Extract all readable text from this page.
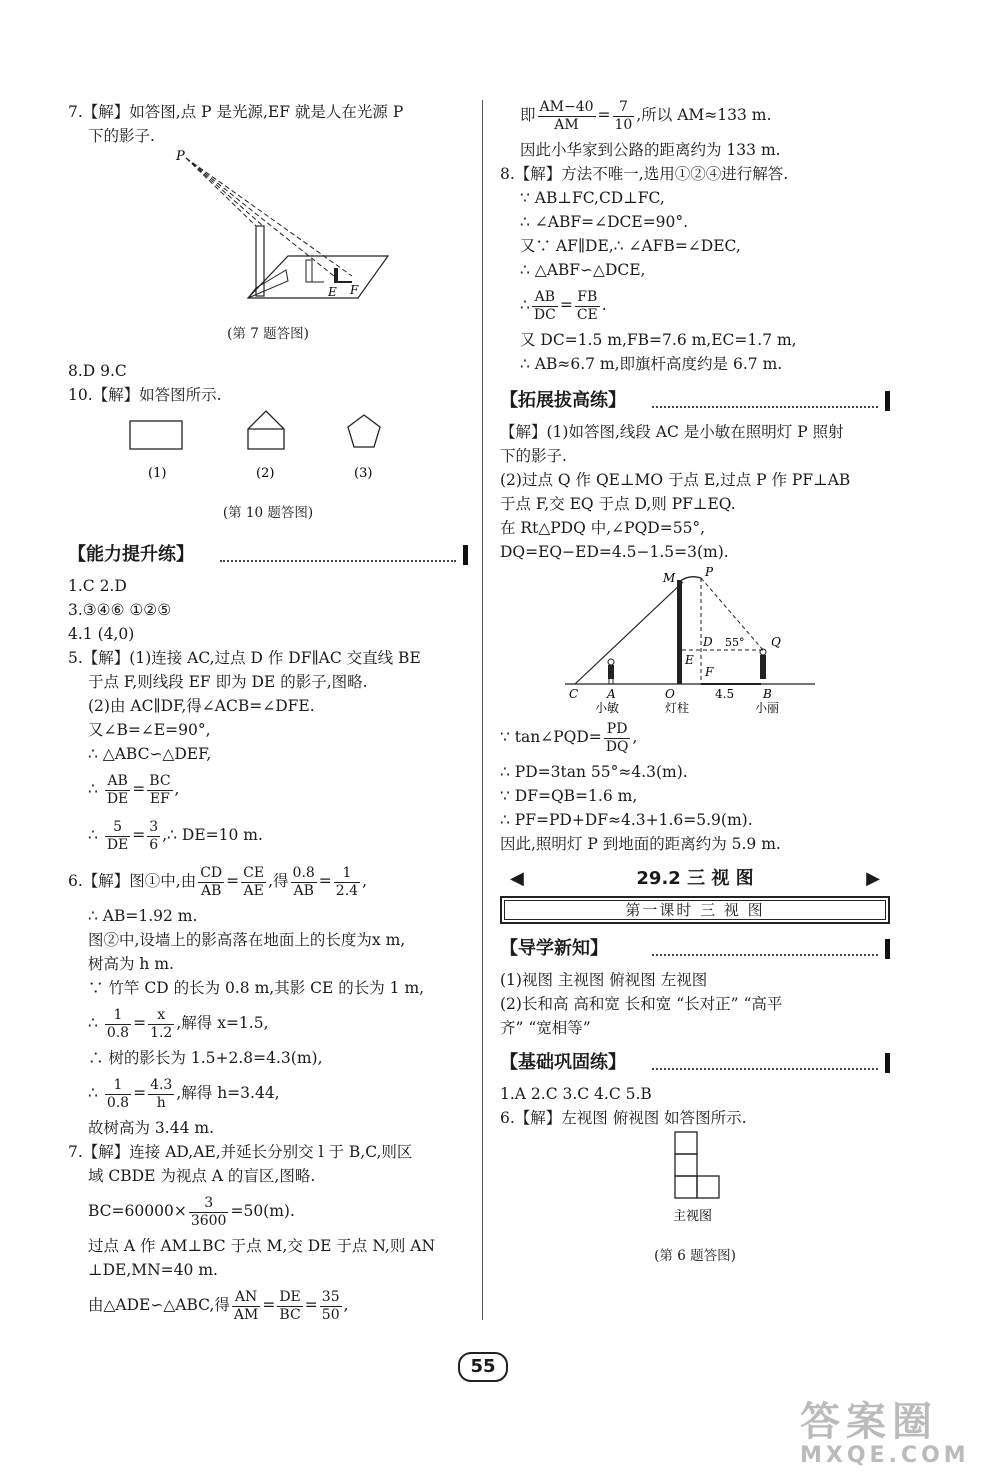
7.【解】如答图,点 P 是光源,EF 就是人在光源 P

下的影子.

P
E F

(第 7 题答图)

8.D 9.C

10.【解】如答图所示.

(1)	(2)	(3)

(第 10 题答图)

【能力提升练】

1.C 2.D

3.③④⑥ ①②⑤

4.1 (4,0)

5.【解】(1)连接 AC,过点 D 作 DF∥AC 交直线 BE

于点 F,则线段 EF 即为 DE 的影子,图略.

(2)由 AC∥DF,得∠ACB=∠DFE.

又∠B=∠E=90°,

∴ △ABC∽△DEF,

∴ $\frac{AB}{DE} = \frac{BC}{EF}$ ,

∴ $\frac{5}{DE} = \frac{3}{6}$ ,∴ DE=10 m.

6.【解】图①中,由 $\frac{CD}{AB} = \frac{CE}{AE}$ ,得 $\frac{0.8}{AB} = \frac{1}{2.4}$ ,

∴ AB=1.92 m.

图②中,设墙上的影高落在地面上的长度为x m,

树高为 h m.

∵ 竹竿 CD 的长为 0.8 m,其影 CE 的长为 1 m,

∴ $\frac{1}{0.8} = \frac{x}{1.2}$ ,解得 x=1.5,

∴ 树的影长为 1.5+2.8=4.3(m),

∴ $\frac{1}{0.8} = \frac{4.3}{h}$ ,解得 h=3.44,

故树高为 3.44 m.

7.【解】连接 AD,AE,并延长分别交 l 于 B,C,则区

域 CBDE 为视点 A 的盲区,图略.

$BC=60000\times \frac{3}{3600} =50(m)$.

过点 A 作 AM⊥BC 于点 M,交 DE 于点 N,则 AN

⊥DE,MN=40 m.

由△ADE∽△ABC,得 $\frac{AN}{AM} = \frac{DE}{BC} = \frac{35}{50}$ ,

即 $\frac{AM-40}{AM} = \frac{7}{10}$ ,所以 AM≈133 m.

因此小华家到公路的距离约为 133 m.

8.【解】方法不唯一,选用①②④进行解答.

∵ AB⊥FC,CD⊥FC,

∴ ∠ABF=∠DCE=90°.

又∵ AF∥DE,∴ ∠AFB=∠DEC,

∴ △ABF∽△DCE,

∴ $\frac{AB}{DC} = \frac{FB}{CE}$ .

又 DC=1.5 m,FB=7.6 m,EC=1.7 m,

∴ AB≈6.7 m,即旗杆高度约是 6.7 m.

【拓展拔高练】

【解】(1)如答图,线段 AC 是小敏在照明灯 P 照射

下的影子.

(2)过点 Q 作 QE⊥MO 于点 E,过点 P 作 PF⊥AB

于点 F,交 EQ 于点 D,则 PF⊥EQ.

在 Rt△PDQ 中,∠PQD=55°,

DQ=EQ−ED=4.5−1.5=3(m).

M P
Q
D 55°
E
F
C A	O	4.5 B
小敏	灯柱	小丽

∵ tan∠PQD= $\frac{PD}{DQ}$ ,

∴ PD=3tan 55°≈4.3(m).

∵ DF=QB=1.6 m,

∴ PF=PD+DF≈4.3+1.6=5.9(m).

因此,照明灯 P 到地面的距离约为 5.9 m.

◀	29.2 三 视 图	▶
第一课时 三 视 图
【导学新知】

(1)视图 主视图 俯视图 左视图

(2)长和高 高和宽 长和宽 “长对正” “高平

齐” “宽相等”

【基础巩固练】

1.A 2.C 3.C 4.C 5.B

6.【解】左视图 俯视图 如答图所示.

主视图

(第 6 题答图)

55
答案圈
MXQE.COM
